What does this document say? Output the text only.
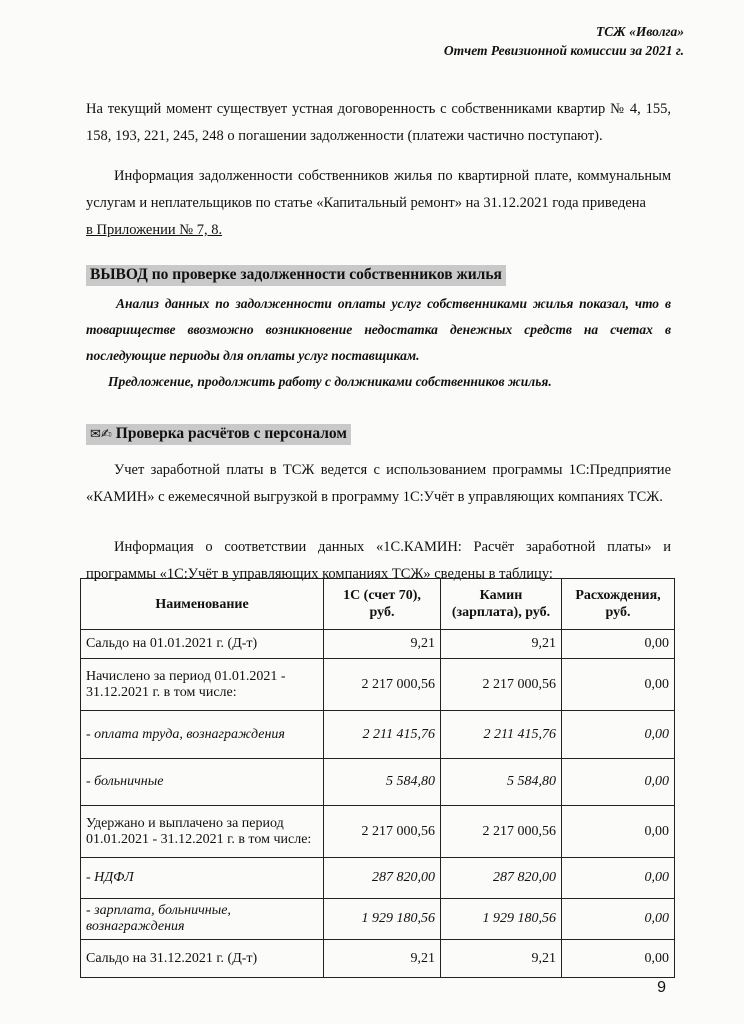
ТСЖ «Иволга»
Отчет Ревизионной комиссии за 2021 г.
На текущий момент существует устная договоренность с собственниками квартир № 4, 155, 158, 193, 221, 245, 248 о погашении задолженности (платежи частично поступают).
Информация задолженности собственников жилья по квартирной плате, коммунальным услугам и неплательщиков по статье «Капитальный ремонт» на 31.12.2021 года приведена
в Приложении № 7, 8.
ВЫВОД по проверке задолженности собственников жилья

Анализ данных по задолженности оплаты услуг собственниками жилья показал, что в товариществе ввозможно возникновение недостатка денежных средств на счетах в последующие периоды для оплаты услуг поставщикам.

Предложение, продолжить работу с должниками собственников жилья.

✉✍ Проверка расчётов с персоналом
Учет заработной платы в ТСЖ ведется с использованием программы 1С:Предприятие «КАМИН» с ежемесячной выгрузкой в программу 1С:Учёт в управляющих компаниях ТСЖ.
Информация о соответствии данных «1С.КАМИН: Расчёт заработной платы» и программы «1С:Учёт в управляющих компаниях ТСЖ» сведены в таблицу:
Наименование	1С (счет 70), руб.	Камин (зарплата), руб.	Расхождения, руб.
Сальдо на 01.01.2021 г. (Д-т)	9,21	9,21	0,00
Начислено за период 01.01.2021 - 31.12.2021 г. в том числе:	2 217 000,56	2 217 000,56	0,00
- оплата труда, вознаграждения	2 211 415,76	2 211 415,76	0,00
- больничные	5 584,80	5 584,80	0,00
Удержано и выплачено за период 01.01.2021 - 31.12.2021 г. в том числе:	2 217 000,56	2 217 000,56	0,00
- НДФЛ	287 820,00	287 820,00	0,00
- зарплата, больничные, вознаграждения	1 929 180,56	1 929 180,56	0,00
Сальдо на 31.12.2021 г. (Д-т)	9,21	9,21	0,00
9
